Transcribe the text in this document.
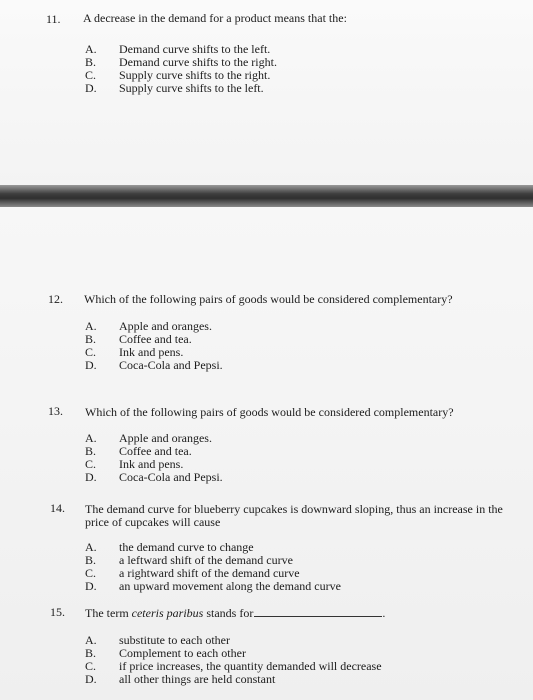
11. A decrease in the demand for a product means that the:
A.	Demand curve shifts to the left.
B.	Demand curve shifts to the right.
C.	Supply curve shifts to the right.
D.	Supply curve shifts to the left.
12. Which of the following pairs of goods would be considered complementary?
A.	Apple and oranges.
B.	Coffee and tea.
C.	Ink and pens.
D.	Coca-Cola and Pepsi.
13. Which of the following pairs of goods would be considered complementary?
A.	Apple and oranges.
B.	Coffee and tea.
C.	Ink and pens.
D.	Coca-Cola and Pepsi.
14. The demand curve for blueberry cupcakes is downward sloping, thus an increase in the price of cupcakes will cause
A.	the demand curve to change
B.	a leftward shift of the demand curve
C.	a rightward shift of the demand curve
D.	an upward movement along the demand curve
15. The term ceteris paribus stands for	.
A.	substitute to each other
B.	Complement to each other
C.	if price increases, the quantity demanded will decrease
D.	all other things are held constant
